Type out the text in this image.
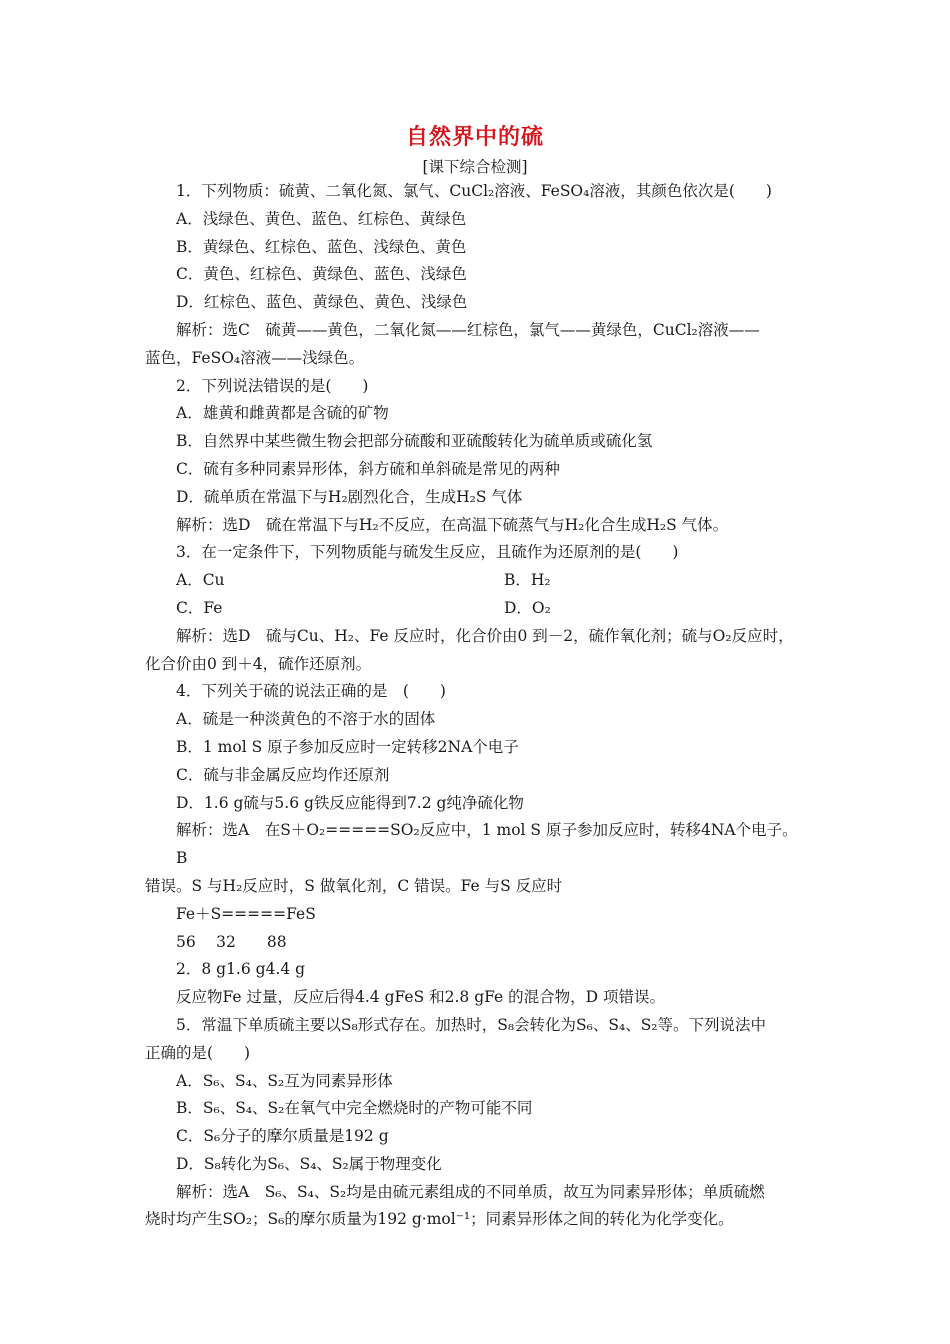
自然界中的硫
[课下综合检测]

1．下列物质：硫黄、二氧化氮、氯气、CuCl₂溶液、FeSO₄溶液，其颜色依次是(　　)

A．浅绿色、黄色、蓝色、红棕色、黄绿色

B．黄绿色、红棕色、蓝色、浅绿色、黄色

C．黄色、红棕色、黄绿色、蓝色、浅绿色

D．红棕色、蓝色、黄绿色、黄色、浅绿色

解析：选C　硫黄——黄色，二氧化氮——红棕色，氯气——黄绿色，CuCl₂溶液——

蓝色，FeSO₄溶液——浅绿色。

2．下列说法错误的是(　　)

A．雄黄和雌黄都是含硫的矿物

B．自然界中某些微生物会把部分硫酸和亚硫酸转化为硫单质或硫化氢

C．硫有多种同素异形体，斜方硫和单斜硫是常见的两种

D．硫单质在常温下与H₂剧烈化合，生成H₂S 气体

解析：选D　硫在常温下与H₂不反应，在高温下硫蒸气与H₂化合生成H₂S 气体。

3．在一定条件下，下列物质能与硫发生反应，且硫作为还原剂的是(　　)

A．Cu	B．H₂
C．Fe	D．O₂

解析：选D　硫与Cu、H₂、Fe 反应时，化合价由0 到－2，硫作氧化剂；硫与O₂反应时，

化合价由0 到＋4，硫作还原剂。

4．下列关于硫的说法正确的是　(　　)

A．硫是一种淡黄色的不溶于水的固体

B．1 mol S 原子参加反应时一定转移2NA个电子

C．硫与非金属反应均作还原剂

D．1.6 g硫与5.6 g铁反应能得到7.2 g纯净硫化物

解析：选A　在S＋O₂=====SO₂反应中，1 mol S 原子参加反应时，转移4NA个电子。B

错误。S 与H₂反应时，S 做氧化剂，C 错误。Fe 与S 反应时

Fe＋S=====FeS

56　 32　　88

2．8 g1.6 g4.4 g

反应物Fe 过量，反应后得4.4 gFeS 和2.8 gFe 的混合物，D 项错误。

5．常温下单质硫主要以S₈形式存在。加热时，S₈会转化为S₆、S₄、S₂等。下列说法中

正确的是(　　)

A．S₆、S₄、S₂互为同素异形体

B．S₆、S₄、S₂在氧气中完全燃烧时的产物可能不同

C．S₆分子的摩尔质量是192 g

D．S₈转化为S₆、S₄、S₂属于物理变化

解析：选A　S₆、S₄、S₂均是由硫元素组成的不同单质，故互为同素异形体；单质硫燃

烧时均产生SO₂；S₆的摩尔质量为192 g·mol⁻¹；同素异形体之间的转化为化学变化。
